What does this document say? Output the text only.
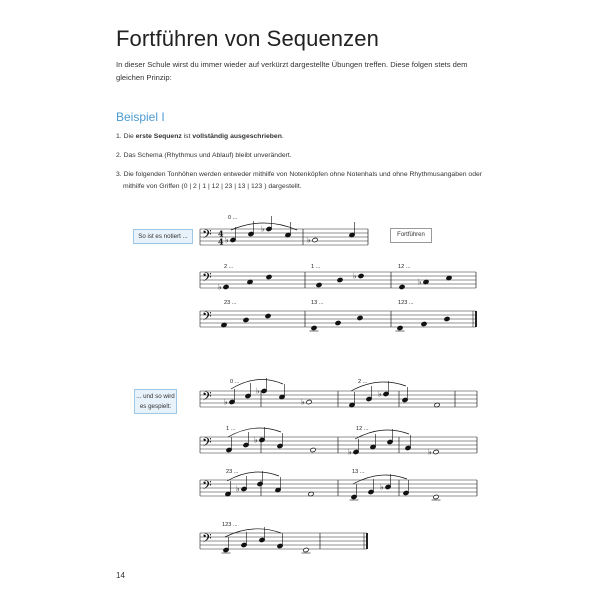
Fortführen von Sequenzen
In dieser Schule wirst du immer wieder auf verkürzt dargestellte Übungen treffen. Diese folgen stets dem gleichen Prinzip:
Beispiel I
1. Die erste Sequenz ist vollständig ausgeschrieben.
2. Das Schema (Rhythmus und Ablauf) bleibt unverändert.
3. Die folgenden Tonhöhen werden entweder mithilfe von Notenköpfen ohne Notenhals und ohne Rhythmusangaben oder mithilfe von Griffen (0 | 2 | 1 | 12 | 23 | 13 | 123 ) dargestellt.
So ist es notiert ...
... und so wird es gespielt:
Fortführen
𝄢 4
4
0 ...
♭
♭
♭
𝄢
2 ...
♭
1 ...
♭
12 ...
♭
𝄢
23 ...	13 ...	123 ...
𝄢
0 ...
♭
♭
♭
2 ...
♭
𝄢
1 ...
♭
12 ...
♭	♭
𝄢
23 ...
♭
13 ...
♭
𝄢
123 ...
14
